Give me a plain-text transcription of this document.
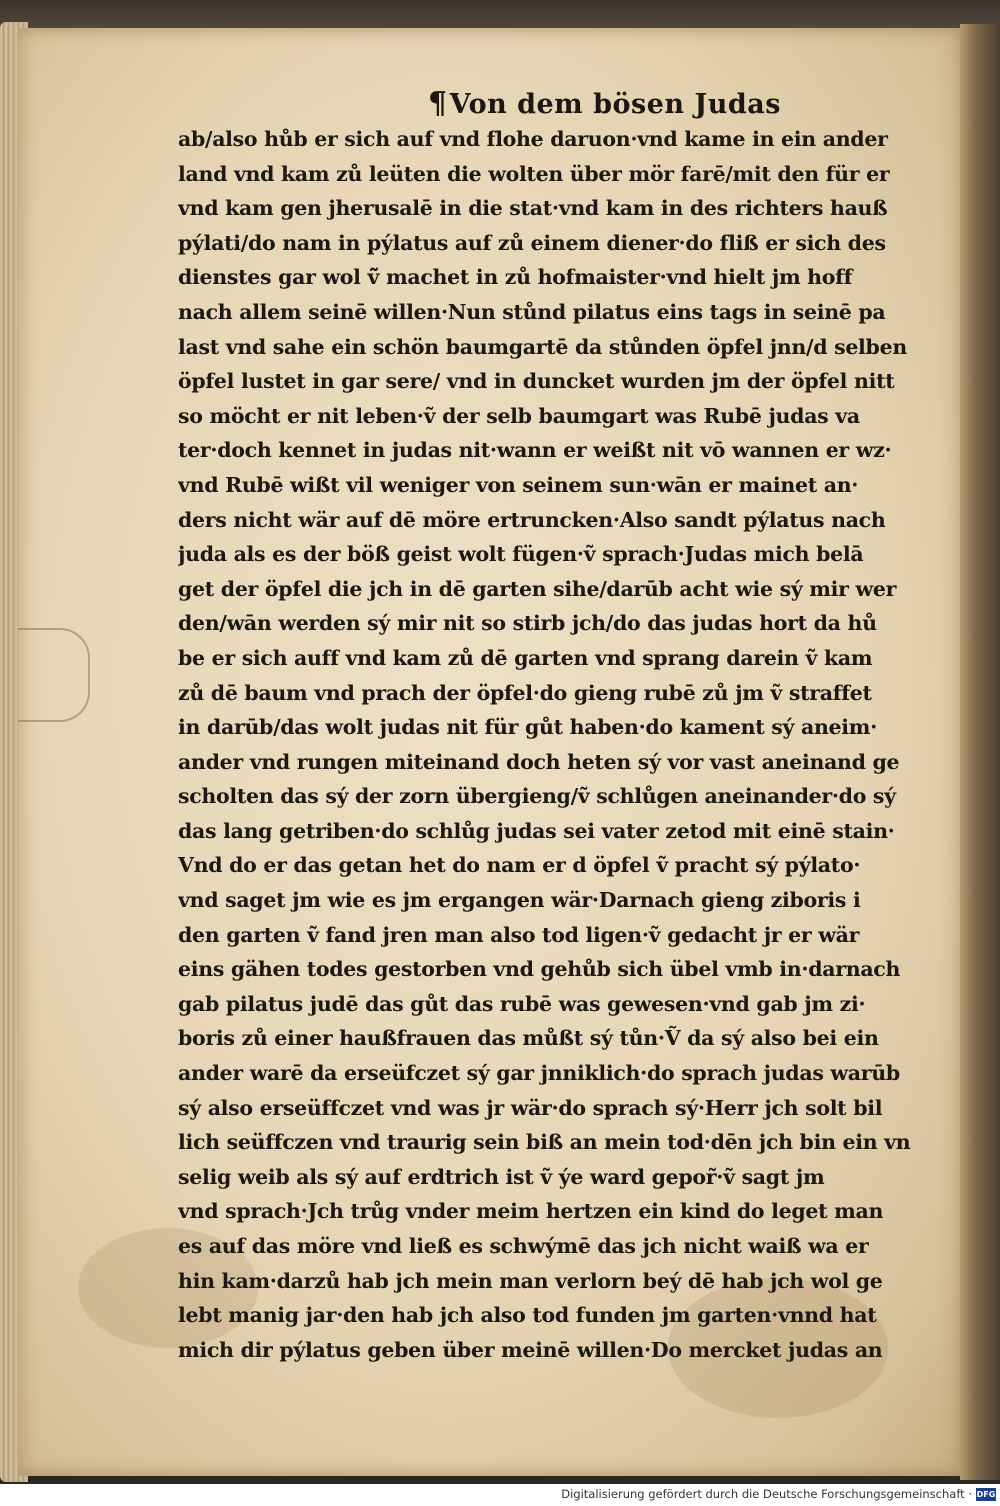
¶Von dem bösen Judas
ab/also hůb er sich auf vnd flohe daruon·vnd kame in ein ander
land vnd kam zů leüten die wolten über mör farē/mit den für er
vnd kam gen jherusalē in die stat·vnd kam in des richters hauß
pýlati/do nam in pýlatus auf zů einem diener·do fliß er sich des
dienstes gar wol ṽ̃ machet in zů hofmaister·vnd hielt jm hoff
nach allem seinē willen·Nun stůnd pilatus eins tags in seinē pa
last vnd sahe ein schön baumgartē da stůnden öpfel jnn/d selben
öpfel lustet in gar sere/ vnd in duncket wurden jm der öpfel nitt
so möcht er nit leben·ṽ der selb baumgart was Rubē judas va
ter·doch kennet in judas nit·wann er weißt nit vō wannen er wz·
vnd Rubē wißt vil weniger von seinem sun·wān er mainet an·
ders nicht wär auf dē möre ertruncken·Also sandt pýlatus nach
juda als es der böß geist wolt fügen·ṽ sprach·Judas mich belā
get der öpfel die jch in dē garten sihe/darūb acht wie sý mir wer
den/wān werden sý mir nit so stirb jch/do das judas hort da hů
be er sich auff vnd kam zů dē garten vnd sprang darein ṽ kam
zů dē baum vnd prach der öpfel·do gieng rubē zů jm ṽ straffet
in darūb/das wolt judas nit für gůt haben·do kament sý aneim·
ander vnd rungen miteinand doch heten sý vor vast aneinand ge
scholten das sý der zorn übergieng/ṽ schlůgen aneinander·do sý
das lang getriben·do schlůg judas sei vater zetod mit einē stain·
Vnd do er das getan het do nam er d öpfel ṽ pracht sý pýlato·
vnd saget jm wie es jm ergangen wär·Darnach gieng ziboris i
den garten ṽ fand jren man also tod ligen·ṽ gedacht jr er wär
eins gähen todes gestorben vnd gehůb sich übel vmb in·darnach
gab pilatus judē das gůt das rubē was gewesen·vnd gab jm zi·
boris zů einer haußfrauen das můßt sý tůn·Ṽ da sý also bei ein
ander warē da erseüfczet sý gar jnniklich·do sprach judas warūb
sý also erseüffczet vnd was jr wär·do sprach sý·Herr jch solt bil
lich seüffczen vnd traurig sein biß an mein tod·dēn jch bin ein vn
selig weib als sý auf erdtrich ist ṽ ýe ward gepor̃·ṽ sagt jm
vnd sprach·Jch trůg vnder meim hertzen ein kind do leget man
es auf das möre vnd ließ es schwýmē das jch nicht waiß wa er
hin kam·darzů hab jch mein man verlorn beý dē hab jch wol ge
lebt manig jar·den hab jch also tod funden jm garten·vnnd hat
mich dir pýlatus geben über meinē willen·Do mercket judas an
Digitalisierung gefördert durch die Deutsche Forschungsgemeinschaft · DFG
